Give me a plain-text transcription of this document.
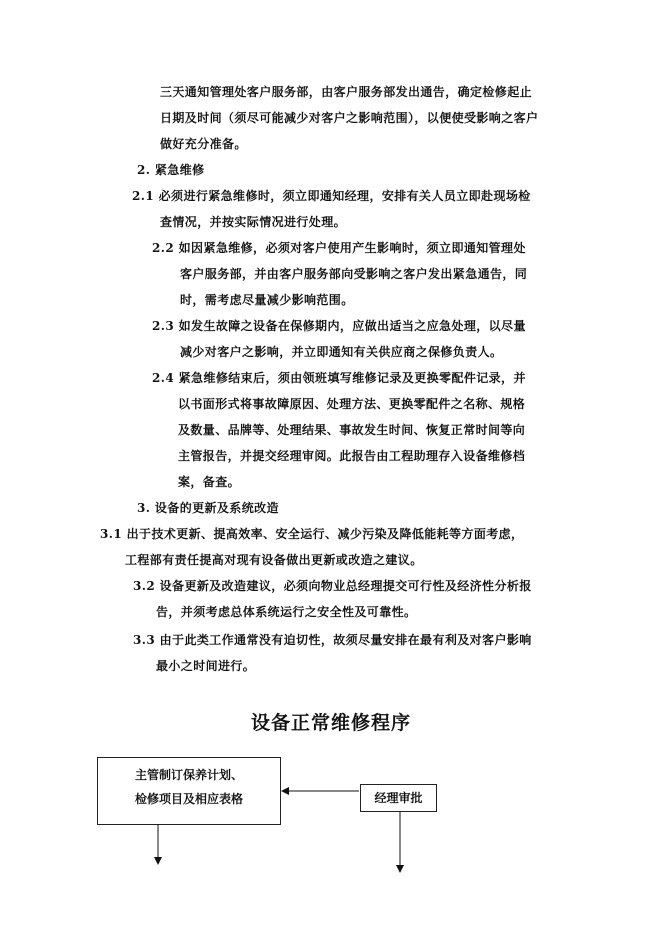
三天通知管理处客户服务部，由客户服务部发出通告，确定检修起止
日期及时间（须尽可能减少对客户之影响范围），以便使受影响之客户
做好充分准备。
2. 紧急维修
2.1 必须进行紧急维修时，须立即通知经理，安排有关人员立即赴现场检
查情况，并按实际情况进行处理。
2.2 如因紧急维修，必须对客户使用产生影响时，须立即通知管理处
客户服务部，并由客户服务部向受影响之客户发出紧急通告，同
时，需考虑尽量减少影响范围。
2.3 如发生故障之设备在保修期内，应做出适当之应急处理，以尽量
减少对客户之影响，并立即通知有关供应商之保修负责人。
2.4 紧急维修结束后，须由领班填写维修记录及更换零配件记录，并
以书面形式将事故障原因、处理方法、更换零配件之名称、规格
及数量、品牌等、处理结果、事故发生时间、恢复正常时间等向
主管报告，并提交经理审阅。此报告由工程助理存入设备维修档
案，备查。
3. 设备的更新及系统改造
3.1 出于技术更新、提高效率、安全运行、减少污染及降低能耗等方面考虑，
工程部有责任提高对现有设备做出更新或改造之建议。
3.2 设备更新及改造建议，必须向物业总经理提交可行性及经济性分析报
告，并须考虑总体系统运行之安全性及可靠性。
3.3 由于此类工作通常没有迫切性，故须尽量安排在最有利及对客户影响
最小之时间进行。
设备正常维修程序
主管制订保养计划、
检修项目及相应表格	经理审批
